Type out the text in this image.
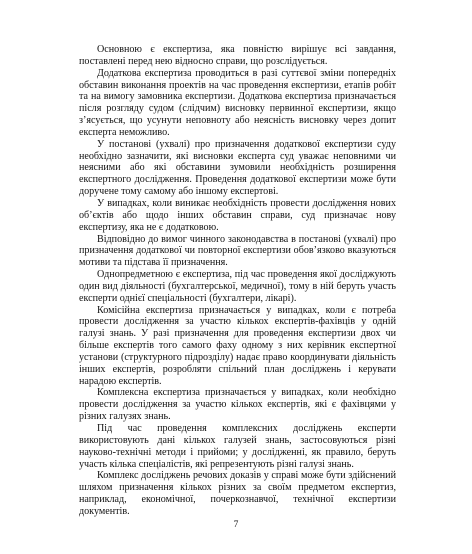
Основною є експертиза, яка повністю вирішує всі завдання, поставлені перед нею відносно справи, що розслідується.

Додаткова експертиза проводиться в разі суттєвої зміни попередніх обставин виконання проектів на час проведення експертизи, етапів робіт та на вимогу замовника експертизи. Додаткова експертиза призначається після розгляду судом (слідчим) висновку первинної експертизи, якщо з’ясується, що усунути неповноту або неясність висновку через допит експерта неможливо.

У постанові (ухвалі) про призначення додаткової експертизи суду необхідно зазначити, які висновки експерта суд уважає неповними чи неясними або які обставини зумовили необхідність розширення експертного дослідження. Проведення додаткової експертизи може бути доручене тому самому або іншому експертові.

У випадках, коли виникає необхідність провести дослідження нових об’єктів або щодо інших обставин справи, суд призначає нову експертизу, яка не є додатковою.

Відповідно до вимог чинного законодавства в постанові (ухвалі) про призначення додаткової чи повторної експертизи обов’язково вказуються мотиви та підстава її призначення.

Однопредметною є експертиза, під час проведення якої досліджують один вид діяльності (бухгалтерської, медичної), тому в ній беруть участь експерти однієї спеціальності (бухгалтери, лікарі).

Комісійна експертиза призначається у випадках, коли є потреба провести дослідження за участю кількох експертів-фахівців у одній галузі знань. У разі призначення для проведення експертизи двох чи більше експертів того самого фаху одному з них керівник експертної установи (структурного підрозділу) надає право координувати діяльність інших експертів, розробляти спільний план досліджень і керувати нарадою експертів.

Комплексна експертиза призначається у випадках, коли необхідно провести дослідження за участю кількох експертів, які є фахівцями у різних галузях знань.

Під час проведення комплексних досліджень експерти використовують дані кількох галузей знань, застосовуються різні науково-технічні методи і прийоми; у дослідженні, як правило, беруть участь кілька спеціалістів, які репрезентують різні галузі знань.

Комплекс досліджень речових доказів у справі може бути здійснений шляхом призначення кількох різних за своїм предметом експертиз, наприклад, економічної, почеркознавчої, технічної експертизи документів.

7
